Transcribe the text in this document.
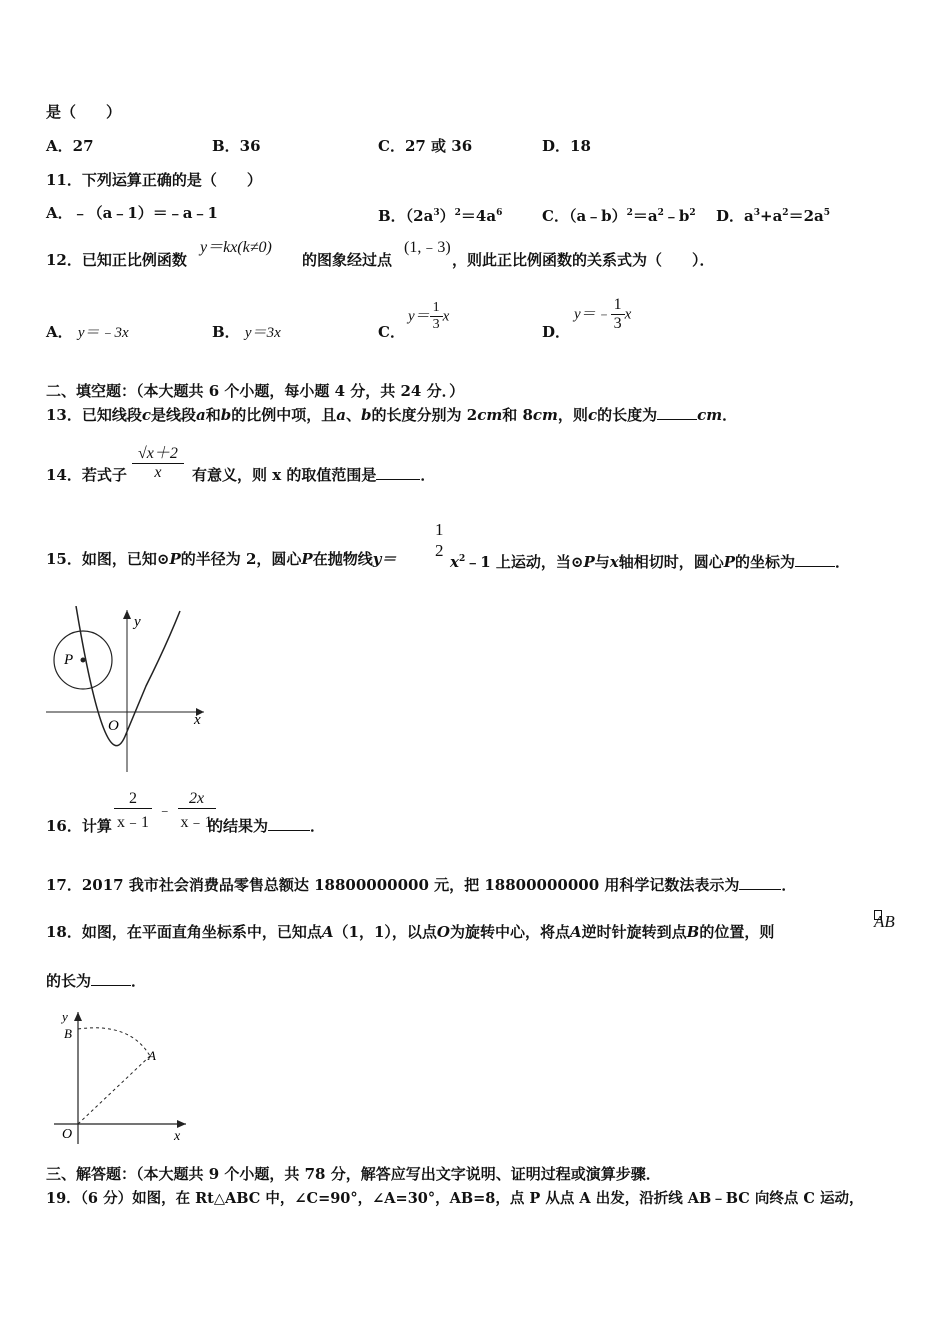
是（　　）
A．27	B．36	C．27 或 36	D．18
11．下列运算正确的是（　　）
A．﹣（a﹣1）＝﹣a﹣1	B．$(2a^3)^2=4a^6$	C．$(a﹣b)^2=a^2﹣b^2$ D．$a^3+a^2=2a^5$
12．已知正比例函数
y＝kx(k≠0)
的图象经过点
(1,﹣3)
，则此正比例函数的关系式为（　　）．
A． y＝﹣3x	B． y＝3x	C．
$y= \frac{1}{3}$ x
D．
y＝﹣ $\frac{1}{3}$ x
二、填空题：（本大题共 6 个小题，每小题 4 分，共 24 分．）
13．已知线段c是线段a和b的比例中项，且a、b的长度分别为 2cm和 8cm，则c的长度为	cm．
14．若式子 $\frac{√x+2}{x}$ 有意义，则 x 的取值范围是	．
15．如图，已知⊙P的半径为 2，圆心P在抛物线$y= \frac{1}{2}$
$x^2﹣1$ 上运动，当⊙P与x轴相切时，圆心P的坐标为	．
P
O
y
x
16．计算 $\frac{2}{x﹣1}$ ﹣ $\frac{2x}{x﹣1}$
的结果为	．
17．2017 我市社会消费品零售总额达 18800000000 元，把 18800000000 用科学记数法表示为	．
18．如图，在平面直角坐标系中，已知点A（1，1），以点O为旋转中心，将点A逆时针旋转到点B的位置，则
AB
的长为	．
y
B
A
O	x
三、解答题：（本大题共 9 个小题，共 78 分，解答应写出文字说明、证明过程或演算步骤．
19．（6 分）如图，在 Rt△ABC 中，∠C=90°，∠A=30°，AB=8，点 P 从点 A 出发，沿折线 AB﹣BC 向终点 C 运动，
